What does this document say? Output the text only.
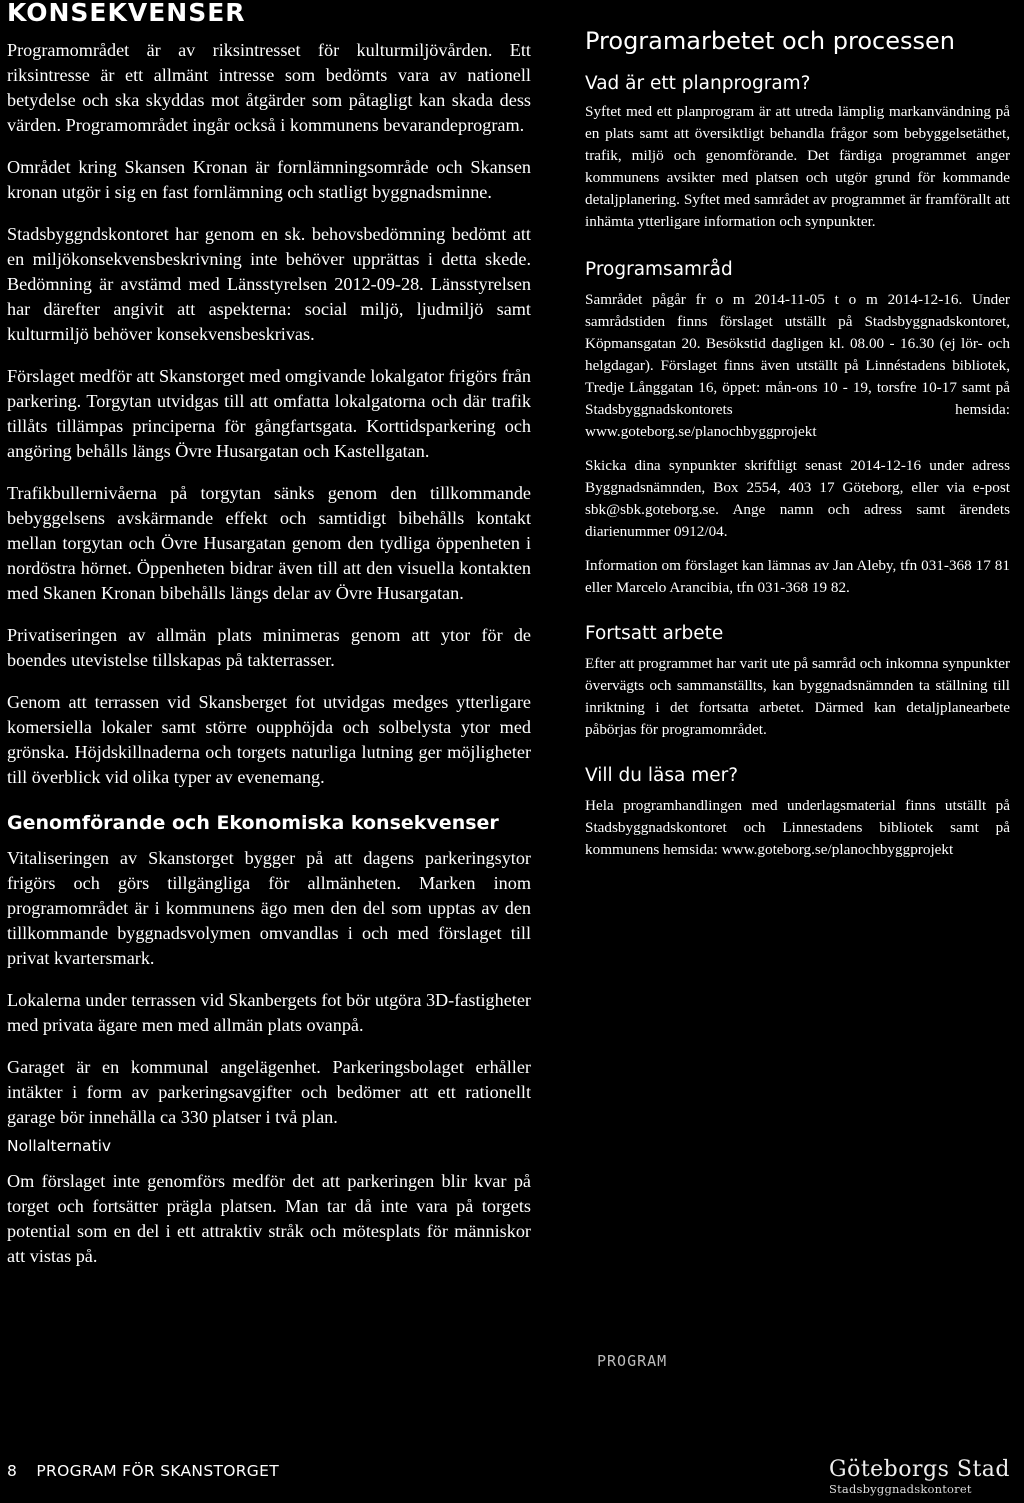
KONSEKVENSER

Programområdet är av riksintresset för kulturmiljövården. Ett riksintresse är ett allmänt intresse som bedömts vara av nationell betydelse och ska skyddas mot åtgärder som påtagligt kan skada dess värden. Programområdet ingår också i kommunens bevarandeprogram.

Området kring Skansen Kronan är fornlämningsområde och Skansen kronan utgör i sig en fast fornlämning och statligt byggnadsminne.

Stadsbyggndskontoret har genom en sk. behovsbedömning bedömt att en miljökonsekvensbeskrivning inte behöver upprättas i detta skede. Bedömning är avstämd med Länsstyrelsen 2012-09-28. Länsstyrelsen har därefter angivit att aspekterna: social miljö, ljudmiljö samt kulturmiljö behöver konsekvensbeskrivas.

Förslaget medför att Skanstorget med omgivande lokalgator frigörs från parkering. Torgytan utvidgas till att omfatta lokalgatorna och där trafik tillåts tillämpas principerna för gångfartsgata. Korttidsparkering och angöring behålls längs Övre Husargatan och Kastellgatan.

Trafikbullernivåerna på torgytan sänks genom den tillkommande bebyggelsens avskärmande effekt och samtidigt bibehålls kontakt mellan torgytan och Övre Husargatan genom den tydliga öppenheten i nordöstra hörnet. Öppenheten bidrar även till att den visuella kontakten med Skanen Kronan bibehålls längs delar av Övre Husargatan.

Privatiseringen av allmän plats minimeras genom att ytor för de boendes utevistelse tillskapas på takterrasser.

Genom att terrassen vid Skansberget fot utvidgas medges ytterligare komersiella lokaler samt större oupphöjda och solbelysta ytor med grönska. Höjdskillnaderna och torgets naturliga lutning ger möjligheter till överblick vid olika typer av evenemang.

Genomförande och Ekonomiska konsekvenser

Vitaliseringen av Skanstorget bygger på att dagens parkeringsytor frigörs och görs tillgängliga för allmänheten. Marken inom programområdet är i kommunens ägo men den del som upptas av den tillkommande byggnadsvolymen omvandlas i och med förslaget till privat kvartersmark.

Lokalerna under terrassen vid Skanbergets fot bör utgöra 3D-fastigheter med privata ägare men med allmän plats ovanpå.

Garaget är en kommunal angelägenhet. Parkeringsbolaget erhåller intäkter i form av parkeringsavgifter och bedömer att ett rationellt garage bör innehålla ca 330 platser i två plan.

Nollalternativ

Om förslaget inte genomförs medför det att parkeringen blir kvar på torget och fortsätter prägla platsen. Man tar då inte vara på torgets potential som en del i ett attraktiv stråk och mötesplats för människor att vistas på.

Programarbetet och processen
Vad är ett planprogram?

Syftet med ett planprogram är att utreda lämplig markanvändning på en plats samt att översiktligt behandla frågor som bebyggelsetäthet, trafik, miljö och genomförande. Det färdiga programmet anger kommunens avsikter med platsen och utgör grund för kommande detaljplanering. Syftet med samrådet av programmet är framförallt att inhämta ytterligare information och synpunkter.

Programsamråd

Samrådet pågår fr o m 2014-11-05 t o m 2014-12-16. Under samrådstiden finns förslaget utställt på Stadsbyggnadskontoret, Köpmansgatan 20. Besökstid dagligen kl. 08.00 - 16.30 (ej lör- och helgdagar). Förslaget finns även utställt på Linnéstadens bibliotek, Tredje Långgatan 16, öppet: mån-ons 10 - 19, torsfre 10-17 samt på Stadsbyggnadskontorets hemsida: www.goteborg.se/planochbyggprojekt

Skicka dina synpunkter skriftligt senast 2014-12-16 under adress Byggnadsnämnden, Box 2554, 403 17 Göteborg, eller via e-post sbk@sbk.goteborg.se. Ange namn och adress samt ärendets diarienummer 0912/04.

Information om förslaget kan lämnas av Jan Aleby, tfn 031-368 17 81 eller Marcelo Arancibia, tfn 031-368 19 82.

Fortsatt arbete

Efter att programmet har varit ute på samråd och inkomna synpunkter övervägts och sammanställts, kan byggnadsnämnden ta ställning till inriktning i det fortsatta arbetet. Därmed kan detaljplanearbete påbörjas för programområdet.

Vill du läsa mer?

Hela programhandlingen med underlagsmaterial finns utställt på Stadsbyggnadskontoret och Linnestadens bibliotek samt på kommunens hemsida: www.goteborg.se/planochbyggprojekt

PROGRAM
8 PROGRAM FÖR SKANSTORGET	Göteborgs Stad
Stadsbyggnadskontoret
